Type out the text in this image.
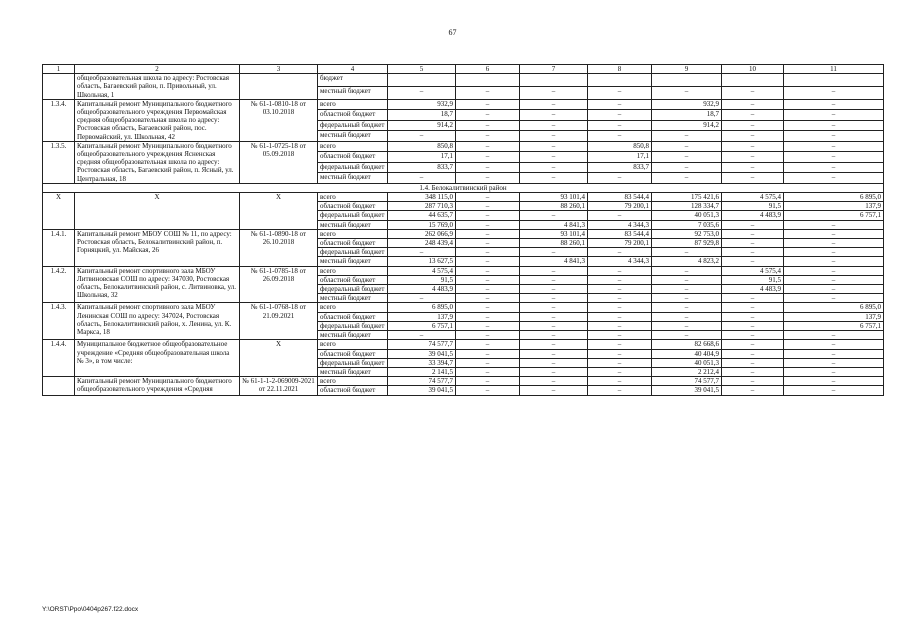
67
1	2	3	4	5	6	7	8	9	10	11
	общеобразовательная школа по адресу: Ростовская область, Багаевский район, п. Привольный, ул. Школьная, 1		бюджет							
			местный бюджет	–	–	–	–	–	–	–
1.3.4.	Капитальный ремонт Муниципального бюджетного общеобразовательного учреждения Первомайская средняя общеобразовательная школа по адресу: Ростовская область, Багаевский район, пос. Первомайский, ул. Школьная, 42	№ 61-1-0810-18 от 03.10.2018	всего	932,9	–	–	–	932,9	–	–
			областной бюджет	18,7	–	–	–	18,7	–	–
			федеральный бюджет	914,2	–	–	–	914,2	–	–
			местный бюджет	–	–	–	–	–	–	–
1.3.5.	Капитальный ремонт Муниципального бюджетного общеобразовательного учреждения Ясненская средняя общеобразовательная школа по адресу: Ростовская область, Багаевский район, п. Ясный, ул. Центральная, 18	№ 61-1-0725-18 от 05.09.2018	всего	850,8	–	–	850,8	–	–	–
			областной бюджет	17,1	–	–	17,1	–	–	–
			федеральный бюджет	833,7	–	–	833,7	–	–	–
			местный бюджет	–	–	–	–	–	–	–
1.4. Белокалитвинский район										
Х	Х	Х	всего	348 115,0	–	93 101,4	83 544,4	175 421,6	4 575,4	6 895,0
			областной бюджет	287 710,3	–	88 260,1	79 200,1	128 334,7	91,5	137,9
			федеральный бюджет	44 635,7	–	–	–	40 051,3	4 483,9	6 757,1
			местный бюджет	15 769,0	–	4 841,3	4 344,3	7 035,6	–	–
1.4.1.	Капитальный ремонт МБОУ СОШ № 11, по адресу: Ростовская область, Белокалитвинский район, п. Горняцкий, ул. Майская, 26	№ 61-1-0890-18 от 26.10.2018	всего	262 066,9	–	93 101,4	83 544,4	92 753,0	–	–
			областной бюджет	248 439,4	–	88 260,1	79 200,1	87 929,8	–	–
			федеральный бюджет	–	–	–	–	–	–	–
			местный бюджет	13 627,5	–	4 841,3	4 344,3	4 823,2	–	–
1.4.2.	Капитальный ремонт спортивного зала МБОУ Литвиновская СОШ по адресу: 347030, Ростовская область, Белокалитвинский район, с. Литвиновка, ул. Школьная, 32	№ 61-1-0785-18 от 26.09.2018	всего	4 575,4	–	–	–	–	4 575,4	–
			областной бюджет	91,5	–	–	–	–	91,5	–
			федеральный бюджет	4 483,9	–	–	–	–	4 483,9	–
			местный бюджет	–	–	–	–	–	–	–
1.4.3.	Капитальный ремонт спортивного зала МБОУ Ленинская СОШ по адресу: 347024, Ростовская область, Белокалитвинский район, х. Ленина, ул. К. Маркса, 18	№ 61-1-0768-18 от 21.09.2021	всего	6 895,0	–	–	–	–	–	6 895,0
			областной бюджет	137,9	–	–	–	–	–	137,9
			федеральный бюджет	6 757,1	–	–	–	–	–	6 757,1
			местный бюджет	–	–	–	–	–	–	–
1.4.4.	Муниципальное бюджетное общеобразовательное учреждение «Средняя общеобразовательная школа № 3», в том числе:	Х	всего	74 577,7	–	–	–	82 668,6	–	–
			областной бюджет	39 041,5	–	–	–	40 404,9	–	–
			федеральный бюджет	33 394,7	–	–	–	40 051,3	–	–
			местный бюджет	2 141,5	–	–	–	2 212,4	–	–
	Капитальный ремонт Муниципального бюджетного общеобразовательного учреждения «Средняя	№ 61-1-1-2-069009-2021 от 22.11.2021	всего	74 577,7	–	–	–	74 577,7	–	–
			областной бюджет	39 041,5	–	–	–	39 041,5	–	–
Y:\ORST\Ppo\0404p267.f22.docx
